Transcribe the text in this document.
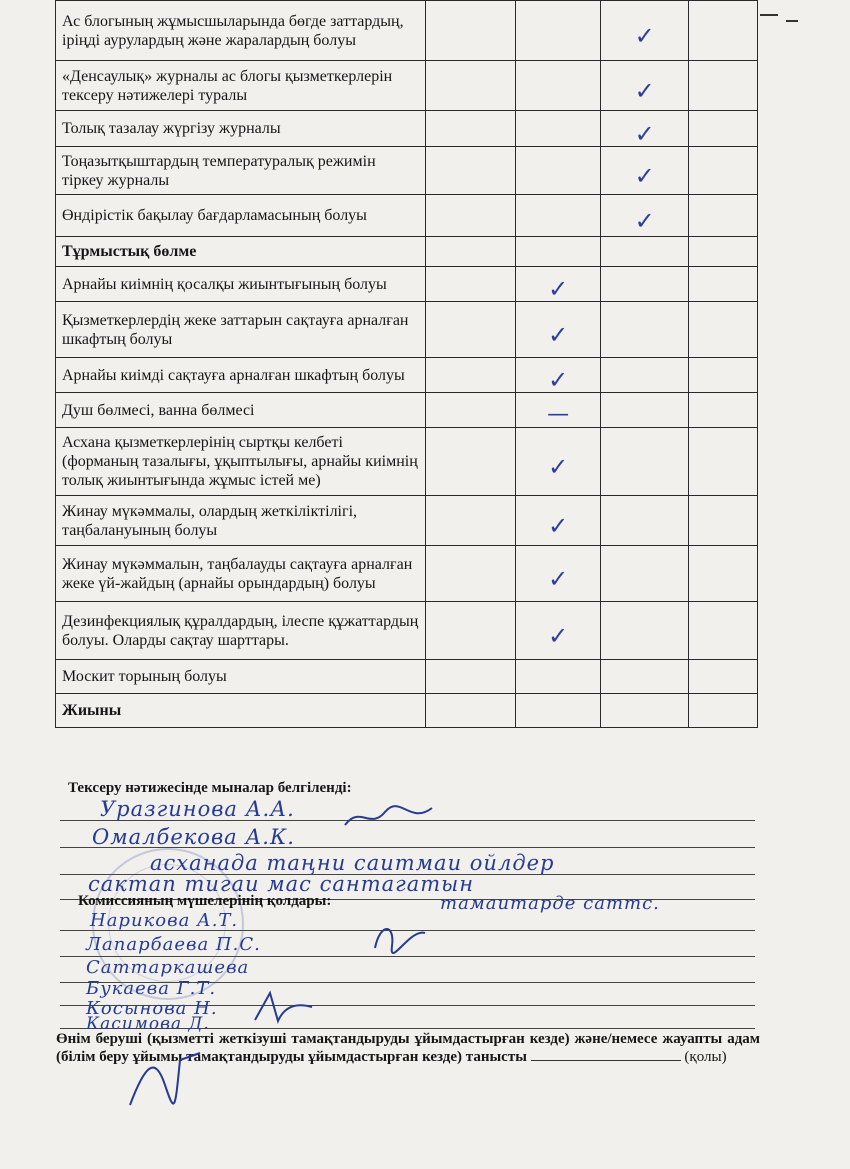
Ас блогының жұмысшыларында бөгде заттардың, іріңді аурулардың және жаралардың болуы			✓	

«Денсаулық» журналы ас блогы қызметкерлерін тексеру нәтижелері туралы			✓	

Толық тазалау жүргізу журналы			✓	

Тоңазытқыштардың температуралық режимін тіркеу журналы			✓	

Өндірістік бақылау бағдарламасының болуы			✓	

Тұрмыстық бөлме				
Арнайы киімнің қосалқы жиынтығының болуы		✓		

Қызметкерлердің жеке заттарын сақтауға арналған шкафтың болуы		✓		

Арнайы киімді сақтауға арналған шкафтың болуы		✓		

Душ бөлмесі, ванна бөлмесі		—		

Асхана қызметкерлерінің сыртқы келбеті (форманың тазалығы, ұқыптылығы, арнайы киімнің толық жиынтығында жұмыс істей ме)		✓		

Жинау мүкәммалы, олардың жеткіліктілігі, таңбалануының болуы		✓		

Жинау мүкәммалын, таңбалауды сақтауға арналған жеке үй-жайдың (арнайы орындардың) болуы		✓		

Дезинфекциялық құралдардың, ілеспе құжаттардың болуы. Оларды сақтау шарттары.		✓		

Москит торының болуы				
Жиыны				
Тексеру нәтижесінде мыналар белгіленді:
Уразгинова А.А.
Омалбекова А.К.
асханада таңни саитмаи ойлдер
сактап тигаи мас сантагатын
тамаитарде саттс.
Комиссияның мүшелерінің қолдары:
Нарикова А.Т.
Лапарбаева П.С.
Саттаркашева
Букаева Г.Т.
Косынова Н.
Касимова Д.
Өнім беруші (қызметті жеткізуші тамақтандыруды ұйымдастырған кезде) және/немесе жауапты адам (білім беру ұйымы тамақтандыруды ұйымдастырған кезде) танысты	(қолы)
